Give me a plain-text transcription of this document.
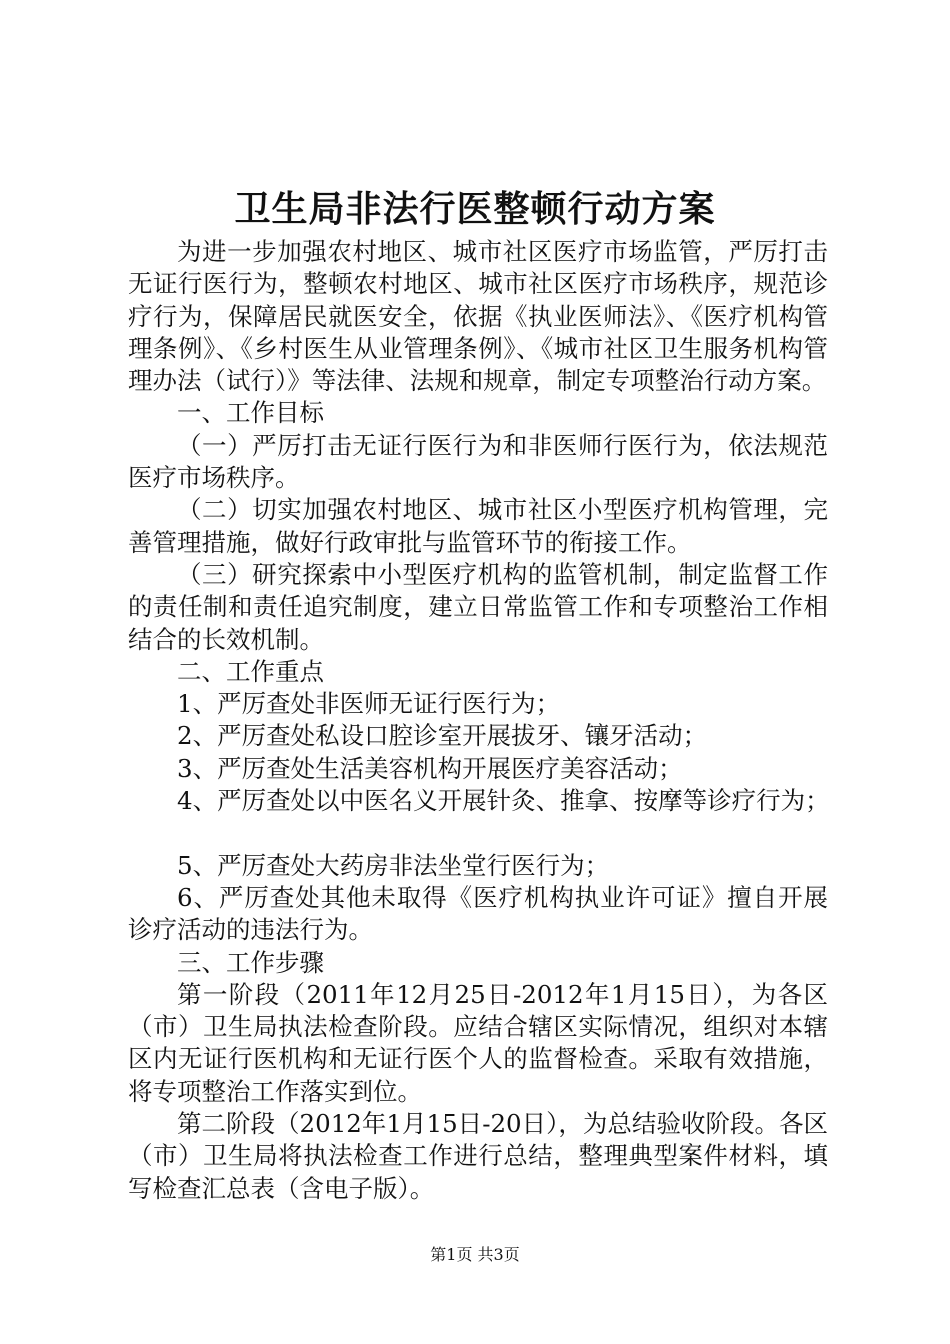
卫生局非法行医整顿行动方案

为进一步加强农村地区、城市社区医疗市场监管，严厉打击无证行医行为，整顿农村地区、城市社区医疗市场秩序，规范诊疗行为，保障居民就医安全，依据《执业医师法》、《医疗机构管理条例》、《乡村医生从业管理条例》、《城市社区卫生服务机构管理办法（试行）》等法律、法规和规章，制定专项整治行动方案。

一、工作目标

（一）严厉打击无证行医行为和非医师行医行为，依法规范医疗市场秩序。

（二）切实加强农村地区、城市社区小型医疗机构管理，完善管理措施，做好行政审批与监管环节的衔接工作。

（三）研究探索中小型医疗机构的监管机制，制定监督工作的责任制和责任追究制度，建立日常监管工作和专项整治工作相结合的长效机制。

二、工作重点

1、严厉查处非医师无证行医行为；

2、严厉查处私设口腔诊室开展拔牙、镶牙活动；

3、严厉查处生活美容机构开展医疗美容活动；

4、严厉查处以中医名义开展针灸、推拿、按摩等诊疗行为；

5、严厉查处大药房非法坐堂行医行为；

6、严厉查处其他未取得《医疗机构执业许可证》擅自开展诊疗活动的违法行为。

三、工作步骤

第一阶段（2011年12月25日-2012年1月15日），为各区（市）卫生局执法检查阶段。应结合辖区实际情况，组织对本辖区内无证行医机构和无证行医个人的监督检查。采取有效措施，将专项整治工作落实到位。

第二阶段（2012年1月15日-20日），为总结验收阶段。各区（市）卫生局将执法检查工作进行总结，整理典型案件材料，填写检查汇总表（含电子版）。

第1页 共3页
